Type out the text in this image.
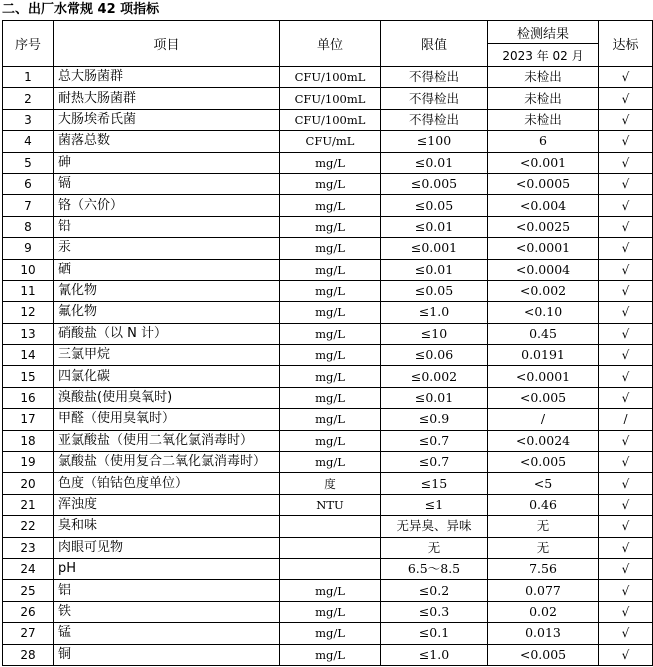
二、出厂水常规 42 项指标
序号	项目	单位	限值	检测结果	达标
				2023 年 02 月	
1	总大肠菌群	CFU/100mL	不得检出	未检出	√
2	耐热大肠菌群	CFU/100mL	不得检出	未检出	√
3	大肠埃希氏菌	CFU/100mL	不得检出	未检出	√
4	菌落总数	CFU/mL	≤100	6	√
5	砷	mg/L	≤0.01	<0.001	√
6	镉	mg/L	≤0.005	<0.0005	√
7	铬（六价）	mg/L	≤0.05	<0.004	√
8	铅	mg/L	≤0.01	<0.0025	√
9	汞	mg/L	≤0.001	<0.0001	√
10	硒	mg/L	≤0.01	<0.0004	√
11	氰化物	mg/L	≤0.05	<0.002	√
12	氟化物	mg/L	≤1.0	<0.10	√
13	硝酸盐（以 N 计）	mg/L	≤10	0.45	√
14	三氯甲烷	mg/L	≤0.06	0.0191	√
15	四氯化碳	mg/L	≤0.002	<0.0001	√
16	溴酸盐(使用臭氧时)	mg/L	≤0.01	<0.005	√
17	甲醛（使用臭氧时）	mg/L	≤0.9	/	/
18	亚氯酸盐（使用二氧化氯消毒时）	mg/L	≤0.7	<0.0024	√
19	氯酸盐（使用复合二氧化氯消毒时）	mg/L	≤0.7	<0.005	√
20	色度（铂钴色度单位）	度	≤15	<5	√
21	浑浊度	NTU	≤1	0.46	√
22	臭和味		无异臭、异味	无	√
23	肉眼可见物		无	无	√
24	pH		6.5～8.5	7.56	√
25	铝	mg/L	≤0.2	0.077	√
26	铁	mg/L	≤0.3	0.02	√
27	锰	mg/L	≤0.1	0.013	√
28	铜	mg/L	≤1.0	<0.005	√
